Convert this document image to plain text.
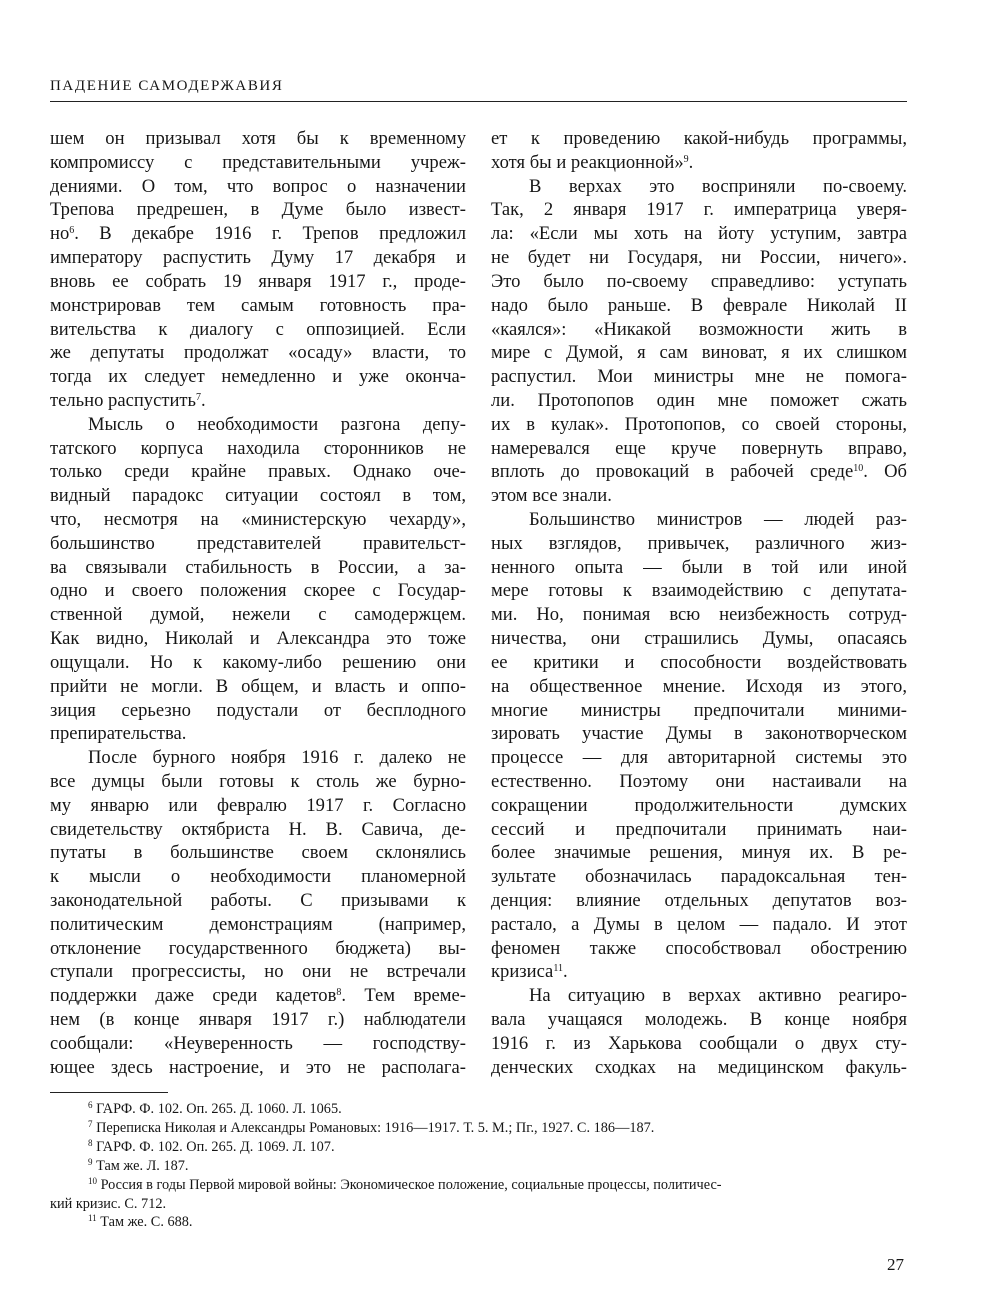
ПАДЕНИЕ САМОДЕРЖАВИЯ
шем он призывал хотя бы к временному
компромиссу с представительными учреж-
дениями. О том, что вопрос о назначении
Трепова предрешен, в Думе было извест-
$но^6$. В декабре 1916 г. Трепов предложил
императору распустить Думу 17 декабря и
вновь ее собрать 19 января 1917 г., проде-
монстрировав тем самым готовность пра-
вительства к диалогу с оппозицией. Если
же депутаты продолжат «осаду» власти, то
тогда их следует немедленно и уже оконча-
тельно распустить$^7$.
Мысль о необходимости разгона депу-
татского корпуса находила сторонников не
только среди крайне правых. Однако оче-
видный парадокс ситуации состоял в том,
что, несмотря на «министерскую чехарду»,
большинство представителей правительст-
ва связывали стабильность в России, а за-
одно и своего положения скорее с Государ-
ственной думой, нежели с самодержцем.
Как видно, Николай и Александра это тоже
ощущали. Но к какому-либо решению они
прийти не могли. В общем, и власть и оппо-
зиция серьезно подустали от бесплодного
препирательства.
После бурного ноября 1916 г. далеко не
все думцы были готовы к столь же бурно-
му январю или февралю 1917 г. Согласно
свидетельству октябриста Н. В. Савича, де-
путаты в большинстве своем склонялись
к мысли о необходимости планомерной
законодательной работы. С призывами к
политическим демонстрациям (например,
отклонение государственного бюджета) вы-
ступали прогрессисты, но они не встречали
поддержки даже среди кадетов$^8$. Тем време-
нем (в конце января 1917 г.) наблюдатели
сообщали: «Неуверенность — господству-
ющее здесь настроение, и это не располага-
ет к проведению какой-нибудь программы,
хотя бы и реакционной»$^9$.
В верхах это восприняли по-своему.
Так, 2 января 1917 г. императрица уверя-
ла: «Если мы хоть на йоту уступим, завтра
не будет ни Государя, ни России, ничего».
Это было по-своему справедливо: уступать
надо было раньше. В феврале Николай II
«каялся»: «Никакой возможности жить в
мире с Думой, я сам виноват, я их слишком
распустил. Мои министры мне не помога-
ли. Протопопов один мне поможет сжать
их в кулак». Протопопов, со своей стороны,
намеревался еще круче повернуть вправо,
вплоть до провокаций в рабочей среде$^{10}$. Об
этом все знали.
Большинство министров — людей раз-
ных взглядов, привычек, различного жиз-
ненного опыта — были в той или иной
мере готовы к взаимодействию с депутата-
ми. Но, понимая всю неизбежность сотруд-
ничества, они страшились Думы, опасаясь
ее критики и способности воздействовать
на общественное мнение. Исходя из этого,
многие министры предпочитали миними-
зировать участие Думы в законотворческом
процессе — для авторитарной системы это
естественно. Поэтому они настаивали на
сокращении продолжительности думских
сессий и предпочитали принимать наи-
более значимые решения, минуя их. В ре-
зультате обозначилась парадоксальная тен-
денция: влияние отдельных депутатов воз-
растало, а Думы в целом — падало. И этот
феномен также способствовал обострению
кризиса$^{11}$.
На ситуацию в верхах активно реагиро-
вала учащаяся молодежь. В конце ноября
1916 г. из Харькова сообщали о двух сту-
денческих сходках на медицинском факуль-
$^6$ ГАРФ. Ф. 102. Оп. 265. Д. 1060. Л. 1065.
$^7$ Переписка Николая и Александры Романовых: 1916—1917. Т. 5. М.; Пг., 1927. С. 186—187.
$^8$ ГАРФ. Ф. 102. Оп. 265. Д. 1069. Л. 107.
$^9$ Там же. Л. 187.
$^{10}$ Россия в годы Первой мировой войны: Экономическое положение, социальные процессы, политичес-
кий кризис. С. 712.
$^{11}$ Там же. С. 688.
27
